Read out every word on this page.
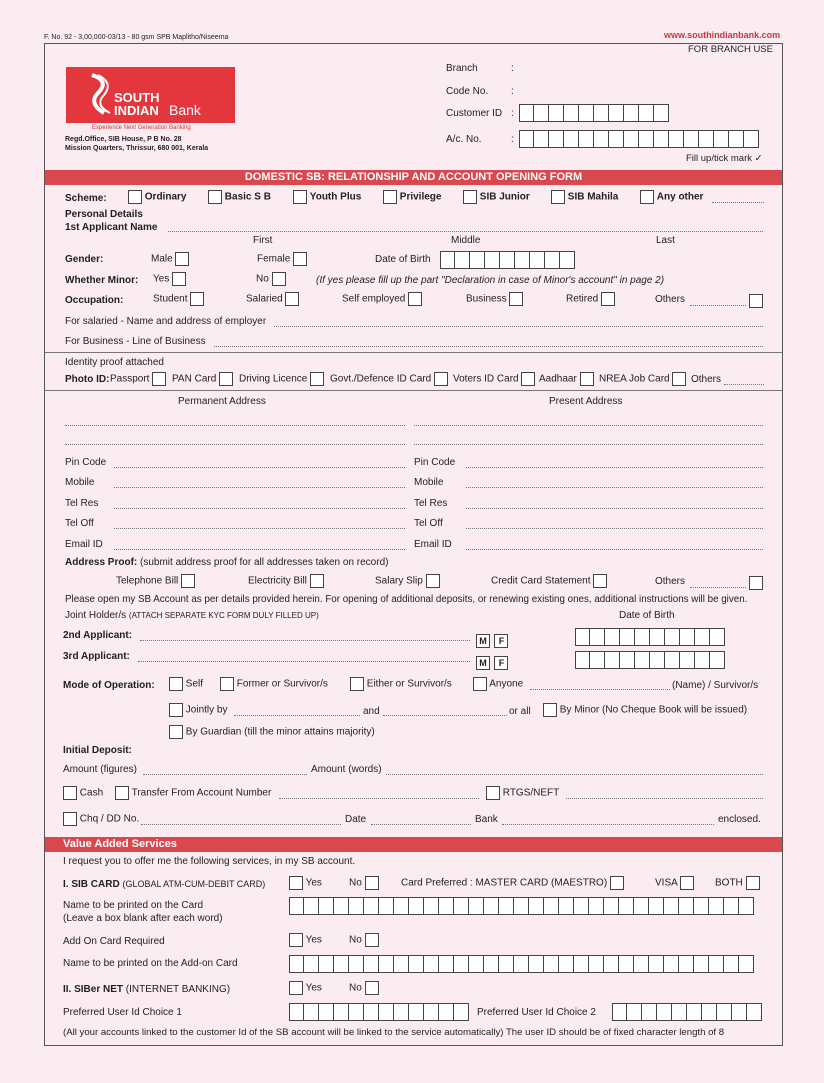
F. No. 92 - 3,00,000-03/13 - 80 gsm SPB Maplitho/Niseema	www.southindianbank.com
FOR BRANCH USE
SOUTH
INDIAN Bank
Experience Next Generation Banking
Regd.Office, SIB House, P B No. 28
Mission Quarters, Thrissur, 680 001, Kerala
Branch	:
Code No. :
Customer ID :
A/c. No.	:
Fill up/tick mark ✓
DOMESTIC SB: RELATIONSHIP AND ACCOUNT OPENING FORM
Scheme:	Ordinary	Basic S B	Youth Plus	Privilege	SIB Junior	SIB Mahila	Any other
Personal Details
1st Applicant Name
First	Middle	Last
Gender:	Male	Female	Date of Birth
Whether Minor: Yes	No	(If yes please fill up the part "Declaration in case of Minor's account" in page 2)
Occupation:	Student	Salaried	Self employed	Business	Retired	Others
For salaried - Name and address of employer
For Business - Line of Business
Identity proof attached
Photo ID: Passport	PAN Card	Driving Licence	Govt./Defence ID Card	Voters ID Card	Aadhaar	NREA Job Card	Others
Permanent Address	Present Address
Pin Code	Pin Code
Mobile	Mobile
Tel Res	Tel Res
Tel Off	Tel Off
Email ID	Email ID
Address Proof: (submit address proof for all addresses taken on record)
Telephone Bill	Electricity Bill	Salary Slip	Credit Card Statement	Others
Please open my SB Account as per details provided herein. For opening of additional deposits, or renewing existing ones, additional instructions will be given.
Joint Holder/s (ATTACH SEPARATE KYC FORM DULY FILLED UP)	Date of Birth
2nd Applicant:	M F
3rd Applicant:
M F
Mode of Operation:	Self	Former or Survivor/s	Either or Survivor/s	Anyone	(Name) / Survivor/s
Jointly by	and	or all	By Minor (No Cheque Book will be issued)
By Guardian (till the minor attains majority)
Initial Deposit:
Amount (figures)	Amount (words)
Cash	Transfer From Account Number	RTGS/NEFT
Chq / DD No.	Date	Bank	enclosed.
Value Added Services
I request you to offer me the following services, in my SB account.
I. SIB CARD (GLOBAL ATM-CUM-DEBIT CARD)	Yes	No	Card Preferred : MASTER CARD (MAESTRO)	VISA	BOTH
Name to be printed on the Card
(Leave a box blank after each word)
Add On Card Required	Yes	No
Name to be printed on the Add-on Card
II. SIBer NET (INTERNET BANKING)	Yes	No
Preferred User Id Choice 1	Preferred User Id Choice 2
(All your accounts linked to the customer Id of the SB account will be linked to the service automatically) The user ID should be of fixed character length of 8
